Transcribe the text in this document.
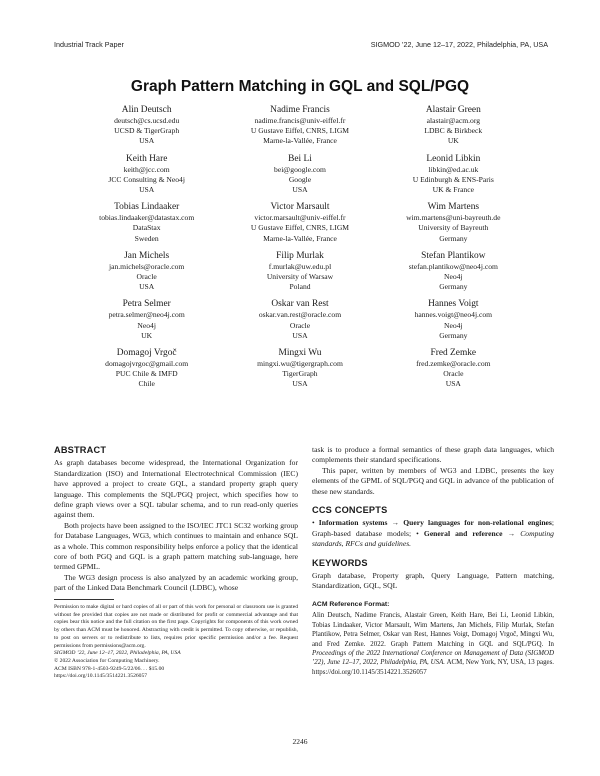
Industrial Track Paper	SIGMOD ’22, June 12–17, 2022, Philadelphia, PA, USA
Graph Pattern Matching in GQL and SQL/PGQ
Alin Deutsch
deutsch@cs.ucsd.edu
UCSD & TigerGraph
USA
Nadime Francis
nadime.francis@univ-eiffel.fr
U Gustave Eiffel, CNRS, LIGM
Marne-la-Vallée, France
Alastair Green
alastair@acm.org
LDBC & Birkbeck
UK
Keith Hare
keith@jcc.com
JCC Consulting & Neo4j
USA
Bei Li
bei@google.com
Google
USA
Leonid Libkin
libkin@ed.ac.uk
U Edinburgh & ENS-Paris
UK & France
Tobias Lindaaker
tobias.lindaaker@datastax.com
DataStax
Sweden
Victor Marsault
victor.marsault@univ-eiffel.fr
U Gustave Eiffel, CNRS, LIGM
Marne-la-Vallée, France
Wim Martens
wim.martens@uni-bayreuth.de
University of Bayreuth
Germany
Jan Michels
jan.michels@oracle.com
Oracle
USA
Filip Murlak
f.murlak@uw.edu.pl
University of Warsaw
Poland
Stefan Plantikow
stefan.plantikow@neo4j.com
Neo4j
Germany
Petra Selmer
petra.selmer@neo4j.com
Neo4j
UK
Oskar van Rest
oskar.van.rest@oracle.com
Oracle
USA
Hannes Voigt
hannes.voigt@neo4j.com
Neo4j
Germany
Domagoj Vrgoč
domagojvrgoc@gmail.com
PUC Chile & IMFD
Chile
Mingxi Wu
mingxi.wu@tigergraph.com
TigerGraph
USA
Fred Zemke
fred.zemke@oracle.com
Oracle
USA
ABSTRACT

As graph databases become widespread, the International Organization for Standardization (ISO) and International Electrotechnical Commission (IEC) have approved a project to create GQL, a standard property graph query language. This complements the SQL/PGQ project, which specifies how to define graph views over a SQL tabular schema, and to run read-only queries against them.

Both projects have been assigned to the ISO/IEC JTC1 SC32 working group for Database Languages, WG3, which continues to maintain and enhance SQL as a whole. This common responsibility helps enforce a policy that the identical core of both PGQ and GQL is a graph pattern matching sub-language, here termed GPML.

The WG3 design process is also analyzed by an academic working group, part of the Linked Data Benchmark Council (LDBC), whose

Permission to make digital or hard copies of all or part of this work for personal or classroom use is granted without fee provided that copies are not made or distributed for profit or commercial advantage and that copies bear this notice and the full citation on the first page. Copyrights for components of this work owned by others than ACM must be honored. Abstracting with credit is permitted. To copy otherwise, or republish, to post on servers or to redistribute to lists, requires prior specific permission and/or a fee. Request permissions from permissions@acm.org.

SIGMOD ’22, June 12–17, 2022, Philadelphia, PA, USA

© 2022 Association for Computing Machinery.

ACM ISBN 978-1-4503-9249-5/22/06. . . $15.00

https://doi.org/10.1145/3514221.3526057

task is to produce a formal semantics of these graph data languages, which complements their standard specifications.

This paper, written by members of WG3 and LDBC, presents the key elements of the GPML of SQL/PGQ and GQL in advance of the publication of these new standards.

CCS CONCEPTS

• Information systems → Query languages for non-relational engines; Graph-based database models; • General and reference → Computing standards, RFCs and guidelines.

KEYWORDS

Graph database, Property graph, Query Language, Pattern matching, Standardization, GQL, SQL

ACM Reference Format:

Alin Deutsch, Nadime Francis, Alastair Green, Keith Hare, Bei Li, Leonid Libkin, Tobias Lindaaker, Victor Marsault, Wim Martens, Jan Michels, Filip Murlak, Stefan Plantikow, Petra Selmer, Oskar van Rest, Hannes Voigt, Domagoj Vrgoč, Mingxi Wu, and Fred Zemke. 2022. Graph Pattern Matching in GQL and SQL/PGQ. In Proceedings of the 2022 International Conference on Management of Data (SIGMOD ’22), June 12–17, 2022, Philadelphia, PA, USA. ACM, New York, NY, USA, 13 pages. https://doi.org/10.1145/3514221.3526057

2246
